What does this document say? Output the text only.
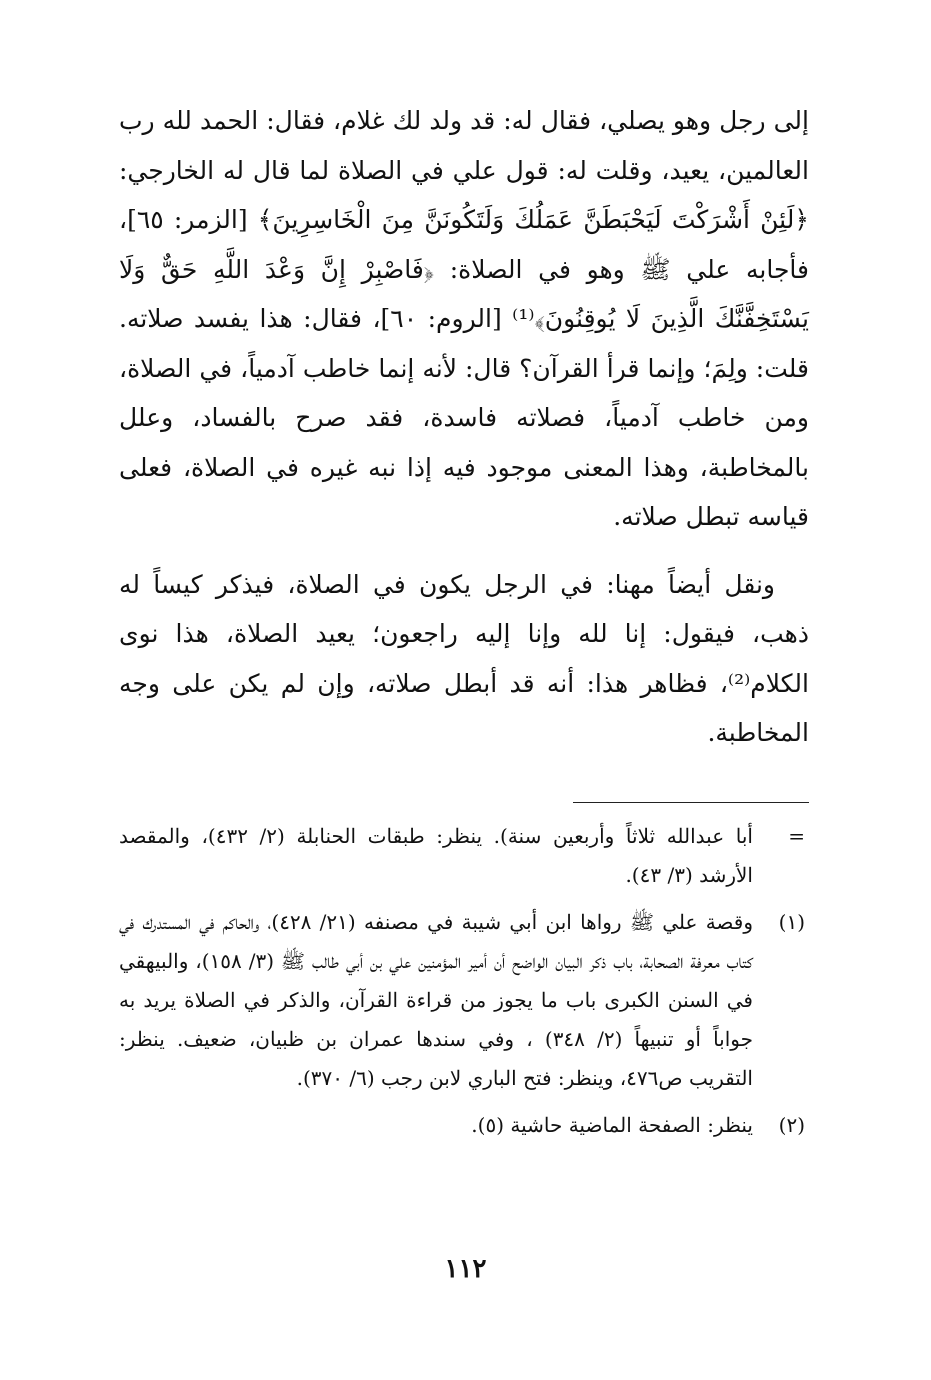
إلى رجل وهو يصلي، فقال له: قد ولد لك غلام، فقال: الحمد لله رب العالمين، يعيد، وقلت له: قول علي في الصلاة لما قال له الخارجي: ﴿لَئِنْ أَشْرَكْتَ لَيَحْبَطَنَّ عَمَلُكَ وَلَتَكُونَنَّ مِنَ الْخَاسِرِينَ﴾ [الزمر: ٦٥]، فأجابه علي ﷺ وهو في الصلاة: ﴿فَاصْبِرْ إِنَّ وَعْدَ اللَّهِ حَقٌّ وَلَا يَسْتَخِفَّنَّكَ الَّذِينَ لَا يُوقِنُونَ﴾⁽¹⁾ [الروم: ٦٠]، فقال: هذا يفسد صلاته. قلت: ولِمَ؛ وإنما قرأ القرآن؟ قال: لأنه إنما خاطب آدمياً، في الصلاة، ومن خاطب آدمياً، فصلاته فاسدة، فقد صرح بالفساد، وعلل بالمخاطبة، وهذا المعنى موجود فيه إذا نبه غيره في الصلاة، فعلى قياسه تبطل صلاته.

ونقل أيضاً مهنا: في الرجل يكون في الصلاة، فيذكر كيساً له ذهب، فيقول: إنا لله وإنا إليه راجعون؛ يعيد الصلاة، هذا نوى الكلام⁽²⁾، فظاهر هذا: أنه قد أبطل صلاته، وإن لم يكن على وجه المخاطبة.

=
أبا عبدالله ثلاثاً وأربعين سنة). ينظر: طبقات الحنابلة (٢/ ٤٣٢)، والمقصد الأرشد (٣/ ٤٣).
(١)
وقصة علي ﷺ رواها ابن أبي شيبة في مصنفه (٢١/ ٤٢٨)، والحاكم في المستدرك في كتاب معرفة الصحابة، باب ذكر البيان الواضح أن أمير المؤمنين علي بن أبي طالب ﷺ (٣/ ١٥٨)، والبيهقي في السنن الكبرى باب ما يجوز من قراءة القرآن، والذكر في الصلاة يريد به جواباً أو تنبيهاً (٢/ ٣٤٨) ، وفي سندها عمران بن ظبيان، ضعيف. ينظر: التقريب ص٤٧٦، وينظر: فتح الباري لابن رجب (٦/ ٣٧٠).
(٢)
ينظر: الصفحة الماضية حاشية (٥).
١١٢
